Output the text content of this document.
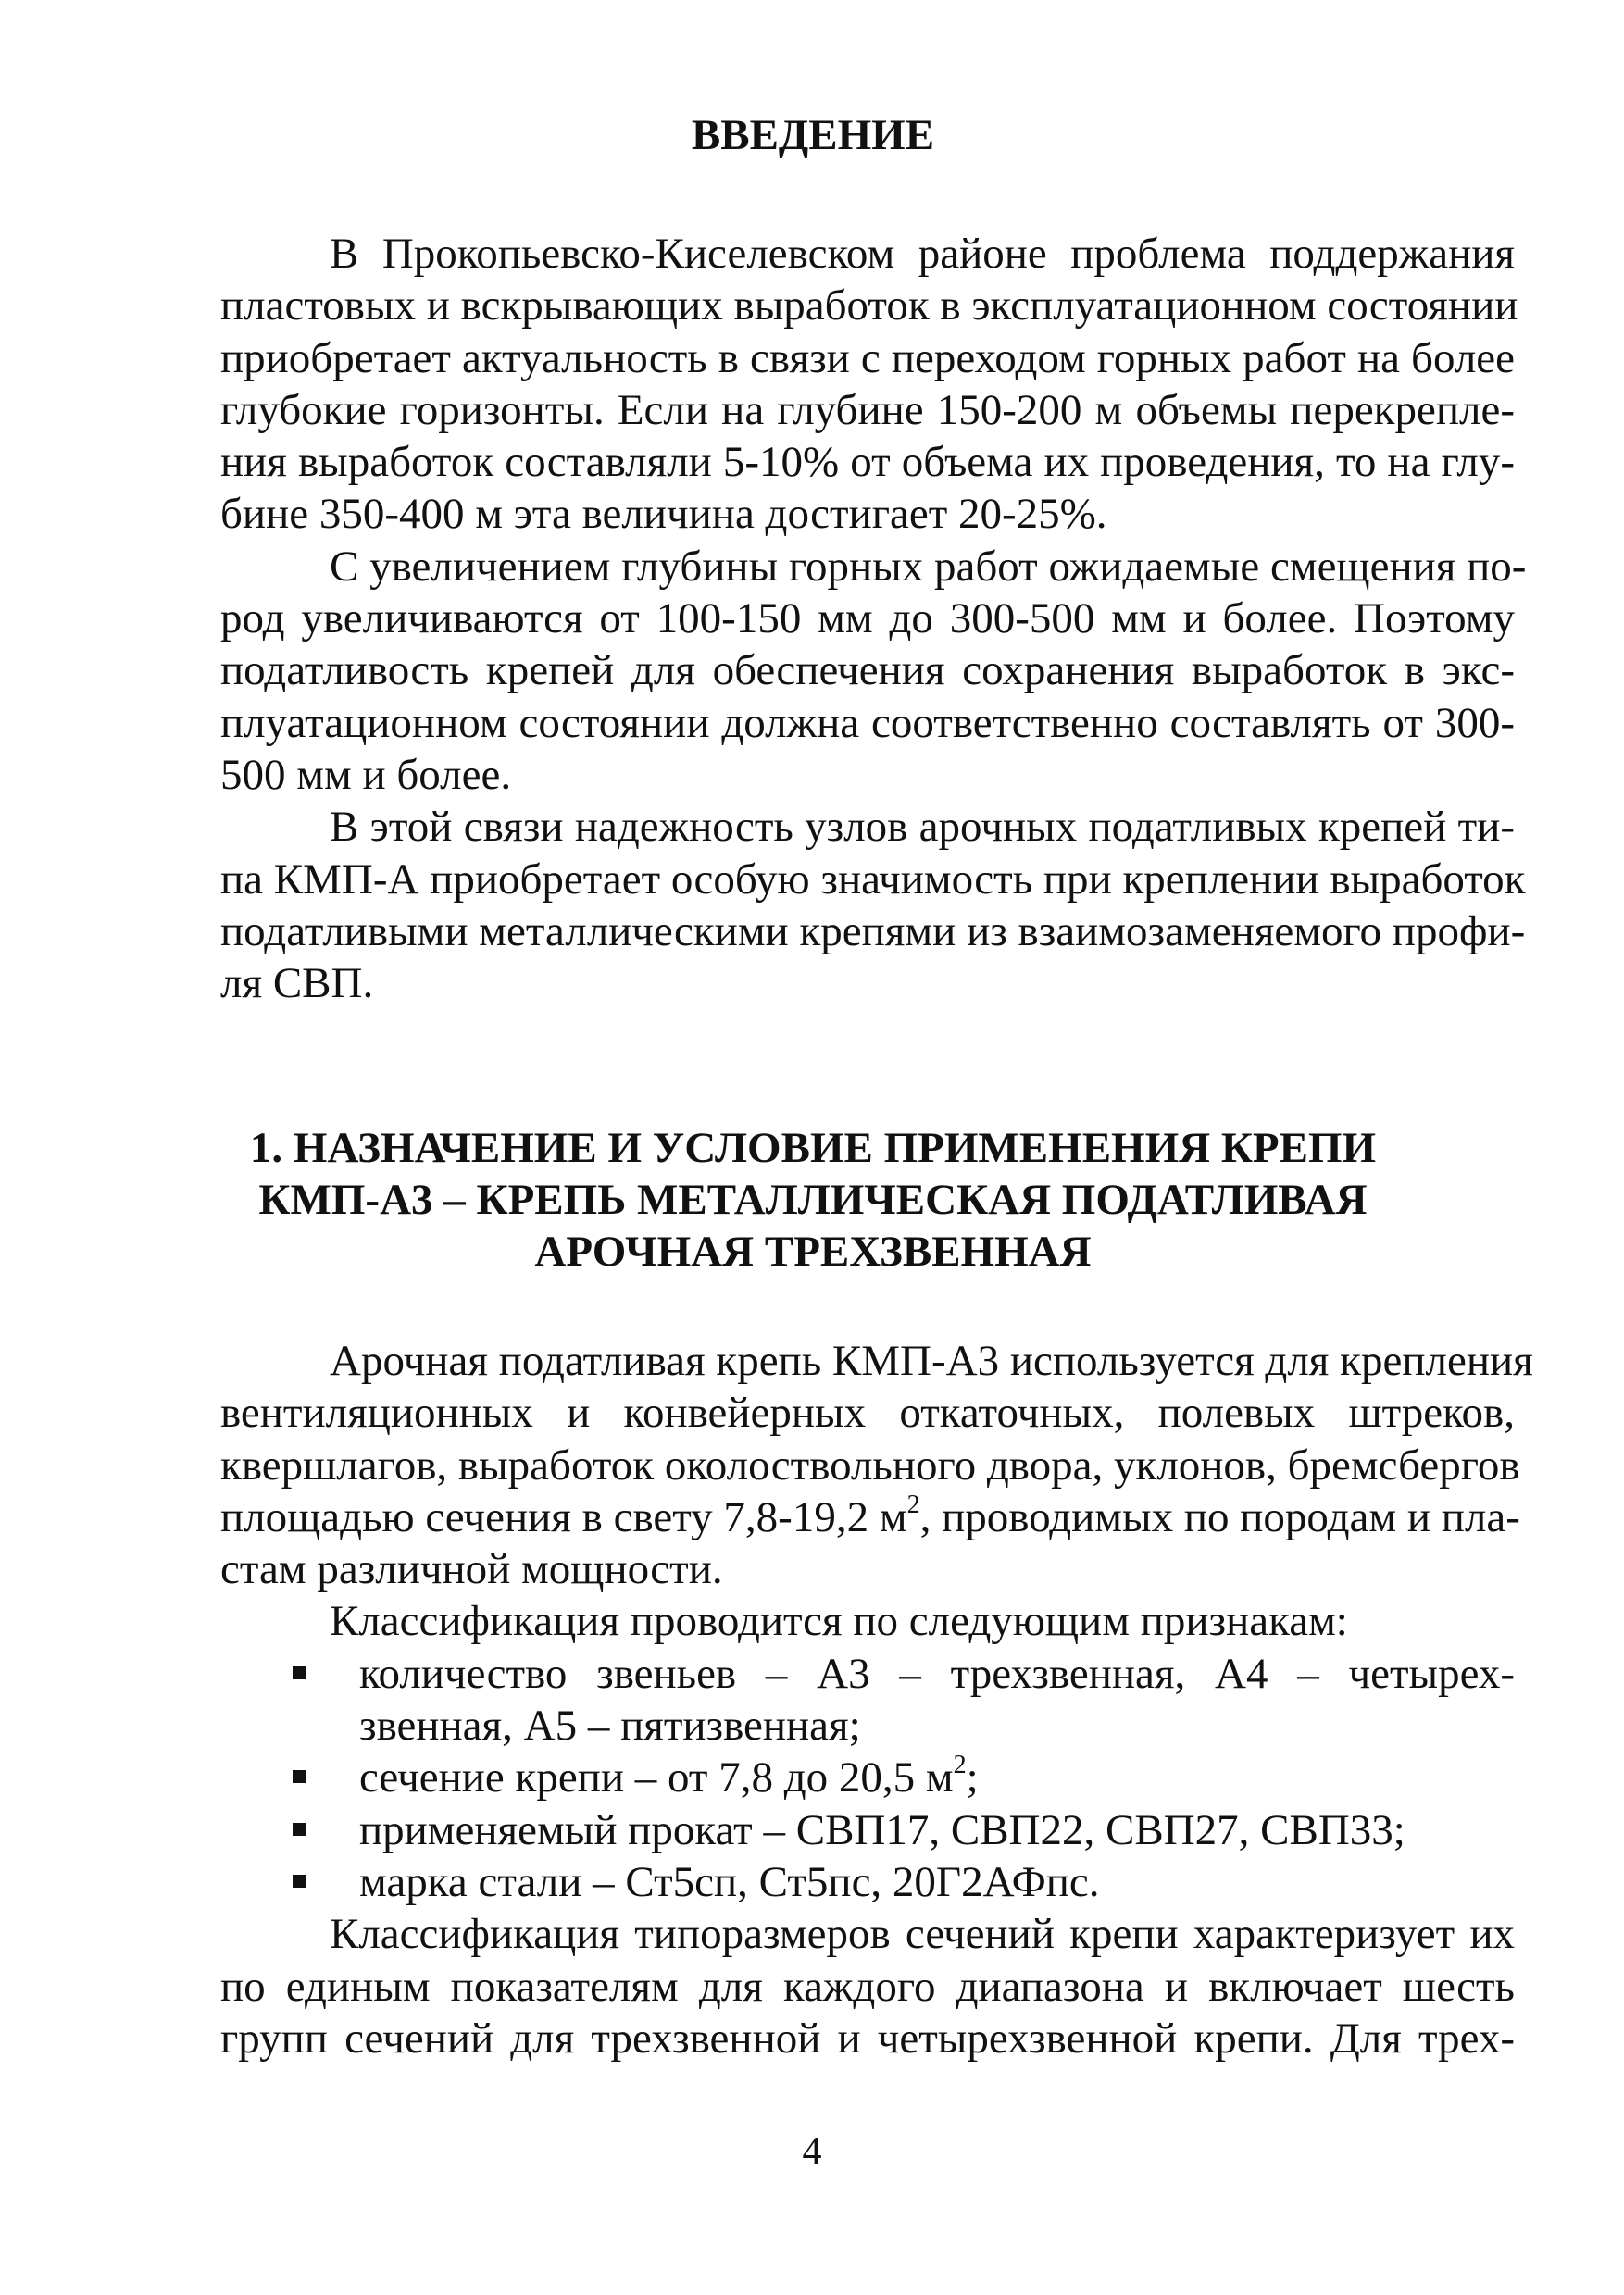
ВВЕДЕНИЕ

В Прокопьевско-Киселевском районе проблема поддержания
пластовых и вскрывающих выработок в эксплуатационном состоянии
приобретает актуальность в связи с переходом горных работ на более
глубокие горизонты. Если на глубине 150-200 м объемы перекрепле-
ния выработок составляли 5-10% от объема их проведения, то на глу-
бине 350-400 м эта величина достигает 20-25%.

С увеличением глубины горных работ ожидаемые смещения по-
род увеличиваются от 100-150 мм до 300-500 мм и более. Поэтому
податливость крепей для обеспечения сохранения выработок в экс-
плуатационном состоянии должна соответственно составлять от 300-
500 мм и более.

В этой связи надежность узлов арочных податливых крепей ти-
па КМП-А приобретает особую значимость при креплении выработок
податливыми металлическими крепями из взаимозаменяемого профи-
ля СВП.

1. НАЗНАЧЕНИЕ И УСЛОВИЕ ПРИМЕНЕНИЯ КРЕПИ
КМП-А3 – КРЕПЬ МЕТАЛЛИЧЕСКАЯ ПОДАТЛИВАЯ
АРОЧНАЯ ТРЕХЗВЕННАЯ

Арочная податливая крепь КМП-А3 используется для крепления
вентиляционных и конвейерных откаточных, полевых штреков,
квершлагов, выработок околоствольного двора, уклонов, бремсбергов
площадью сечения в свету 7,8-19,2 $м^2$, проводимых по породам и пла-
стам различной мощности.

Классификация проводится по следующим признакам:

количество звеньев – А3 – трехзвенная, А4 – четырех-
звенная, А5 – пятизвенная;
сечение крепи – от 7,8 до 20,5 $м^2$;
применяемый прокат – СВП17, СВП22, СВП27, СВП33;
марка стали – Ст5сп, Ст5пс, 20Г2АФпс.

Классификация типоразмеров сечений крепи характеризует их
по единым показателям для каждого диапазона и включает шесть
групп сечений для трехзвенной и четырехзвенной крепи. Для трех-

4
